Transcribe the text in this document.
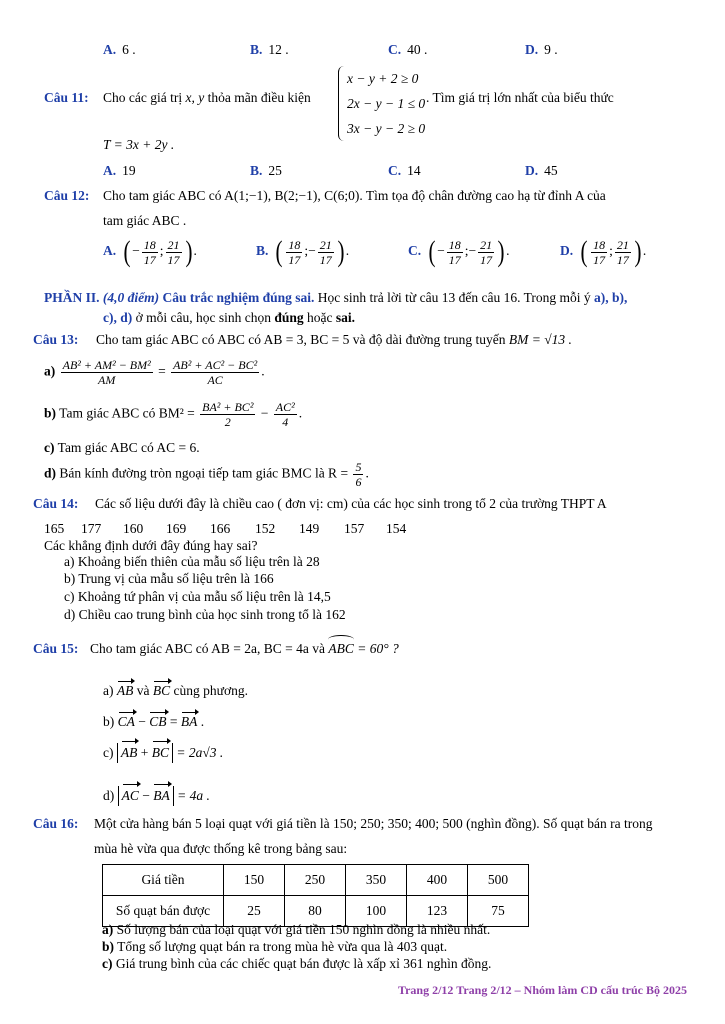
A. 6 .	B. 12 .	C. 40 .	D. 9 .
Câu 11: Cho các giá trị x, y thỏa mãn điều kiện
x − y + 2 ≥ 0
2x − y − 1 ≤ 0
3x − y − 2 ≥ 0
. Tìm giá trị lớn nhất của biểu thức
T = 3x + 2y .
A. 19	B. 25	C. 14	D. 45
Câu 12: Cho tam giác ABC có A(1;−1), B(2;−1), C(6;0). Tìm tọa độ chân đường cao hạ từ đỉnh A của
tam giác ABC .
A. ( − $\frac{18}{17}$ ; $\frac{21}{17}$ ) .	B. ( $\frac{18}{17}$ ;− $\frac{21}{17}$ ) .	C. ( − $\frac{18}{17}$ ;− $\frac{21}{17}$ ) .	D. ( $\frac{18}{17}$ ; $\frac{21}{17}$ ) .
PHẦN II. (4,0 điểm) Câu trắc nghiệm đúng sai. Học sinh trả lời từ câu 13 đến câu 16. Trong mỗi ý a), b),
c), d) ở mỗi câu, học sinh chọn đúng hoặc sai.
Câu 13: Cho tam giác ABC có ABC có AB = 3, BC = 5 và độ dài đường trung tuyến BM = √13 .
$a) \frac{\text{AB² + AM² − BM²}}{AM} = \frac{\text{AB² + AC² − BC²}}{AC}$ .
b) Tam giác ABC có $BM^2 = \frac{\text{BA² + BC²}}{2} - \frac{\text{AC²}}{4}$ .
c) Tam giác ABC có AC = 6.
d) Bán kính đường tròn ngoại tiếp tam giác BMC là $R = \frac{5}{6}$ .
Câu 14: Các số liệu dưới đây là chiều cao ( đơn vị: cm) của các học sinh trong tổ 2 của trường THPT A
165 177 160 169 166 152 149 157 154
Các khẳng định dưới đây đúng hay sai?
a) Khoảng biến thiên của mẫu số liệu trên là 28
b) Trung vị của mẫu số liệu trên là 166
c) Khoảng tứ phân vị của mẫu số liệu trên là 14,5
d) Chiều cao trung bình của học sinh trong tổ là 162
Câu 15: Cho tam giác ABC có AB = 2a, BC = 4a và ABC = 60° ?
a) AB và BC cùng phương.
b) CA − CB = BA .
c) AB + BC = 2a√3 .
d) AC − BA = 4a .
Câu 16: Một cửa hàng bán 5 loại quạt với giá tiền là 150; 250; 350; 400; 500 (nghìn đồng). Số quạt bán ra trong
mùa hè vừa qua được thống kê trong bảng sau:
Giá tiền	150	250	350	400	500
Số quạt bán được	25	80	100	123	75
a) Số lượng bán của loại quạt với giá tiền 150 nghìn đồng là nhiều nhất.
b) Tổng số lượng quạt bán ra trong mùa hè vừa qua là 403 quạt.
c) Giá trung bình của các chiếc quạt bán được là xấp xỉ 361 nghìn đồng.
Trang 2/12 Trang 2/12 – Nhóm làm CD cấu trúc Bộ 2025
